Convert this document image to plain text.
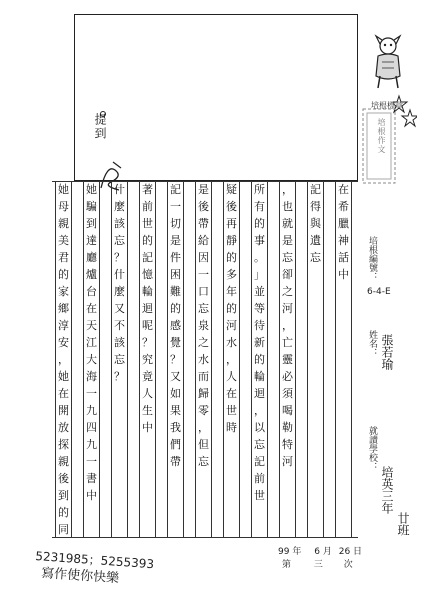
提到
培根標章
培根作文
在
希
臘
神
話
中
記
得
與
遺
忘
，
也
就
是
忘
卻
之
河
，
亡
靈
必
須
喝
勒
特
河
所
有
的
事
。
」
並
等
待
新
的
輪
迴
，
以
忘
記
前
世
疑
後
再
靜
的
多
年
的
河
水
，
人
在
世
時
是
後
帶
給
因
一
口
忘
泉
之
水
而
歸
零
，
但
忘
記
一
切
是
件
困
難
的
感
覺
？
又
如
果
我
們
帶
著
前
世
的
記
憶
輪
迴
呢
？
究
竟
人
生
中
什
麼
該
忘
？
什
麼
又
不
該
忘
？
她
騙
到
達
廳
爐
台
在
天
江
大
海
一
九
四
九
一
書
中
她
母
親
美
君
的
家
鄉
淳
安
，
她
在
開
放
探
親
後
到
的
同
培根編號：
6-4-E
姓名： 張若瑜
就讀學校：
培英三年
廿班
5231985；5255393
寫作使你快樂
99 年 6 月 26 日
第	三 次
